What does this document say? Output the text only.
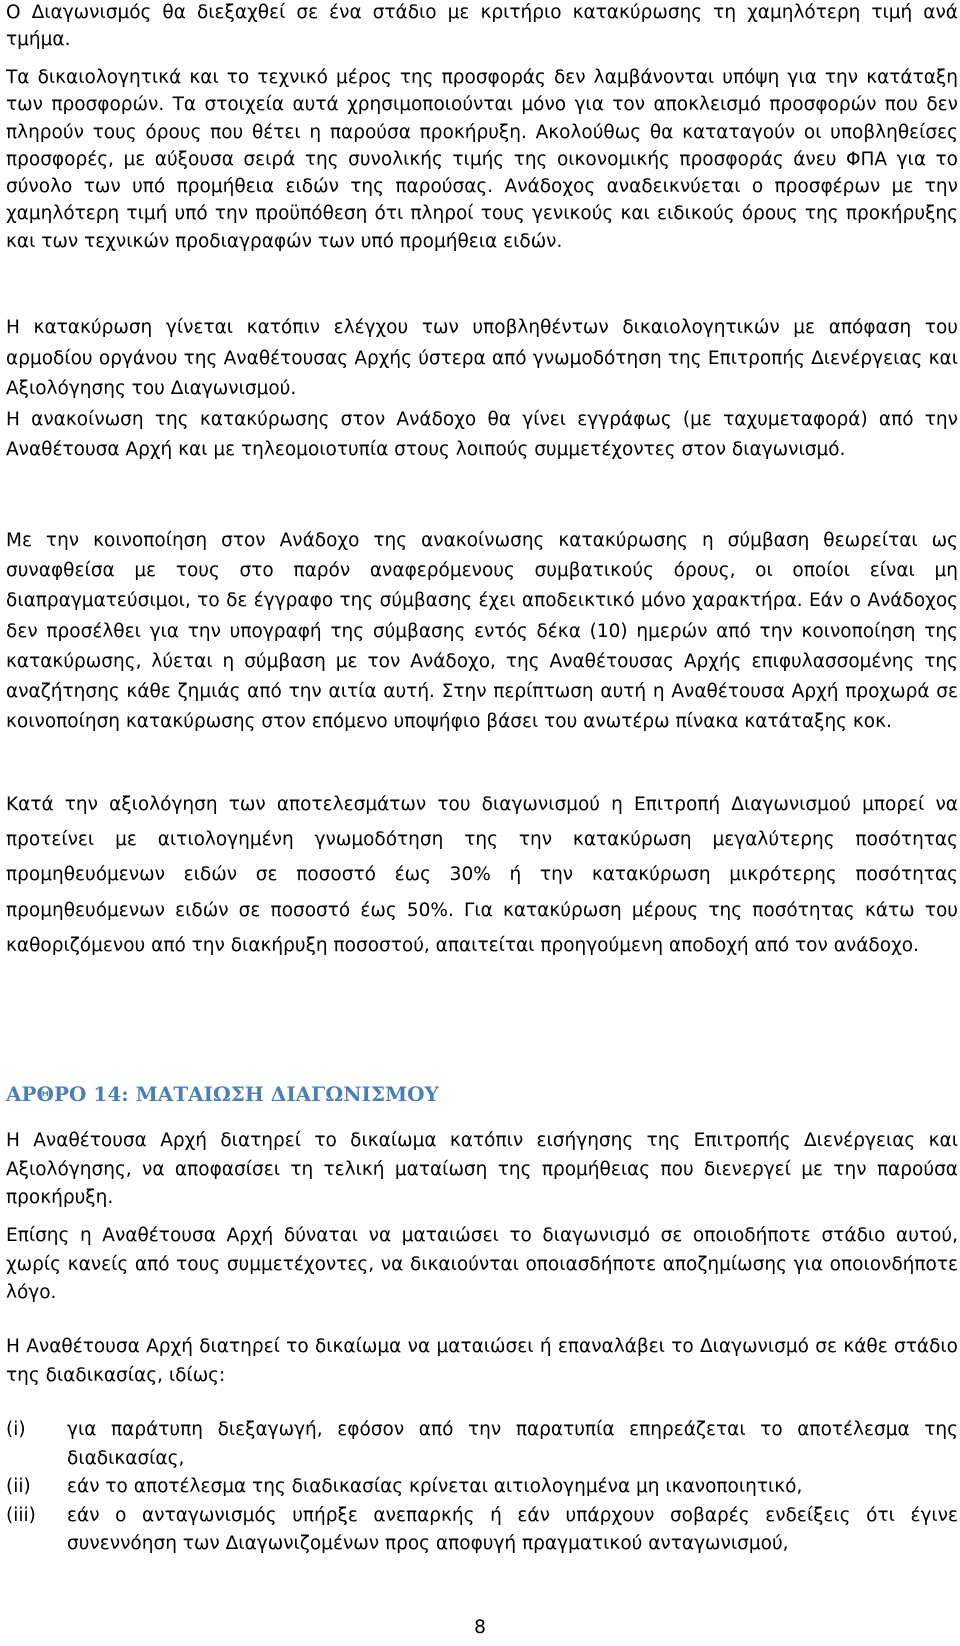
Ο Διαγωνισμός θα διεξαχθεί σε ένα στάδιο με κριτήριο κατακύρωσης τη χαμηλότερη τιμή ανά τμήμα.

Τα δικαιολογητικά και το τεχνικό μέρος της προσφοράς δεν λαμβάνονται υπόψη για την κατάταξη των προσφορών. Τα στοιχεία αυτά χρησιμοποιούνται μόνο για τον αποκλεισμό προσφορών που δεν πληρούν τους όρους που θέτει η παρούσα προκήρυξη. Ακολούθως θα καταταγούν οι υποβληθείσες προσφορές, με αύξουσα σειρά της συνολικής τιμής της οικονομικής προσφοράς άνευ ΦΠΑ για το σύνολο των υπό προμήθεια ειδών της παρούσας. Ανάδοχος αναδεικνύεται ο προσφέρων με την χαμηλότερη τιμή υπό την προϋπόθεση ότι πληροί τους γενικούς και ειδικούς όρους της προκήρυξης και των τεχνικών προδιαγραφών των υπό προμήθεια ειδών.

Η κατακύρωση γίνεται κατόπιν ελέγχου των υποβληθέντων δικαιολογητικών με απόφαση του αρμοδίου οργάνου της Αναθέτουσας Αρχής ύστερα από γνωμοδότηση της Επιτροπής Διενέργειας και Αξιολόγησης του Διαγωνισμού.

Η ανακοίνωση της κατακύρωσης στον Ανάδοχο θα γίνει εγγράφως (με ταχυμεταφορά) από την Αναθέτουσα Αρχή και με τηλεομοιοτυπία στους λοιπούς συμμετέχοντες στον διαγωνισμό.

Με την κοινοποίηση στον Ανάδοχο της ανακοίνωσης κατακύρωσης η σύμβαση θεωρείται ως συναφθείσα με τους στο παρόν αναφερόμενους συμβατικούς όρους, οι οποίοι είναι μη διαπραγματεύσιμοι, το δε έγγραφο της σύμβασης έχει αποδεικτικό μόνο χαρακτήρα. Εάν ο Ανάδοχος δεν προσέλθει για την υπογραφή της σύμβασης εντός δέκα (10) ημερών από την κοινοποίηση της κατακύρωσης, λύεται η σύμβαση με τον Ανάδοχο, της Αναθέτουσας Αρχής επιφυλασσομένης της αναζήτησης κάθε ζημιάς από την αιτία αυτή. Στην περίπτωση αυτή η Αναθέτουσα Αρχή προχωρά σε κοινοποίηση κατακύρωσης στον επόμενο υποψήφιο βάσει του ανωτέρω πίνακα κατάταξης κοκ.

Κατά την αξιολόγηση των αποτελεσμάτων του διαγωνισμού η Επιτροπή Διαγωνισμού μπορεί να προτείνει με αιτιολογημένη γνωμοδότηση της την κατακύρωση μεγαλύτερης ποσότητας προμηθευόμενων ειδών σε ποσοστό έως 30% ή την κατακύρωση μικρότερης ποσότητας προμηθευόμενων ειδών σε ποσοστό έως 50%. Για κατακύρωση μέρους της ποσότητας κάτω του καθοριζόμενου από την διακήρυξη ποσοστού, απαιτείται προηγούμενη αποδοχή από τον ανάδοχο.

ΑΡΘΡΟ 14: ΜΑΤΑΙΩΣΗ ΔΙΑΓΩΝΙΣΜΟΥ

Η Αναθέτουσα Αρχή διατηρεί το δικαίωμα κατόπιν εισήγησης της Επιτροπής Διενέργειας και Αξιολόγησης, να αποφασίσει τη τελική ματαίωση της προμήθειας που διενεργεί με την παρούσα προκήρυξη.

Επίσης η Αναθέτουσα Αρχή δύναται να ματαιώσει το διαγωνισμό σε οποιοδήποτε στάδιο αυτού, χωρίς κανείς από τους συμμετέχοντες, να δικαιούνται οποιασδήποτε αποζημίωσης για οποιονδήποτε λόγο.

Η Αναθέτουσα Αρχή διατηρεί το δικαίωμα να ματαιώσει ή επαναλάβει το Διαγωνισμό σε κάθε στάδιο της διαδικασίας, ιδίως:

(i) για παράτυπη διεξαγωγή, εφόσον από την παρατυπία επηρεάζεται το αποτέλεσμα της διαδικασίας,
(ii) εάν το αποτέλεσμα της διαδικασίας κρίνεται αιτιολογημένα μη ικανοποιητικό,
(iii) εάν ο ανταγωνισμός υπήρξε ανεπαρκής ή εάν υπάρχουν σοβαρές ενδείξεις ότι έγινε συνεννόηση των Διαγωνιζομένων προς αποφυγή πραγματικού ανταγωνισμού,
8
